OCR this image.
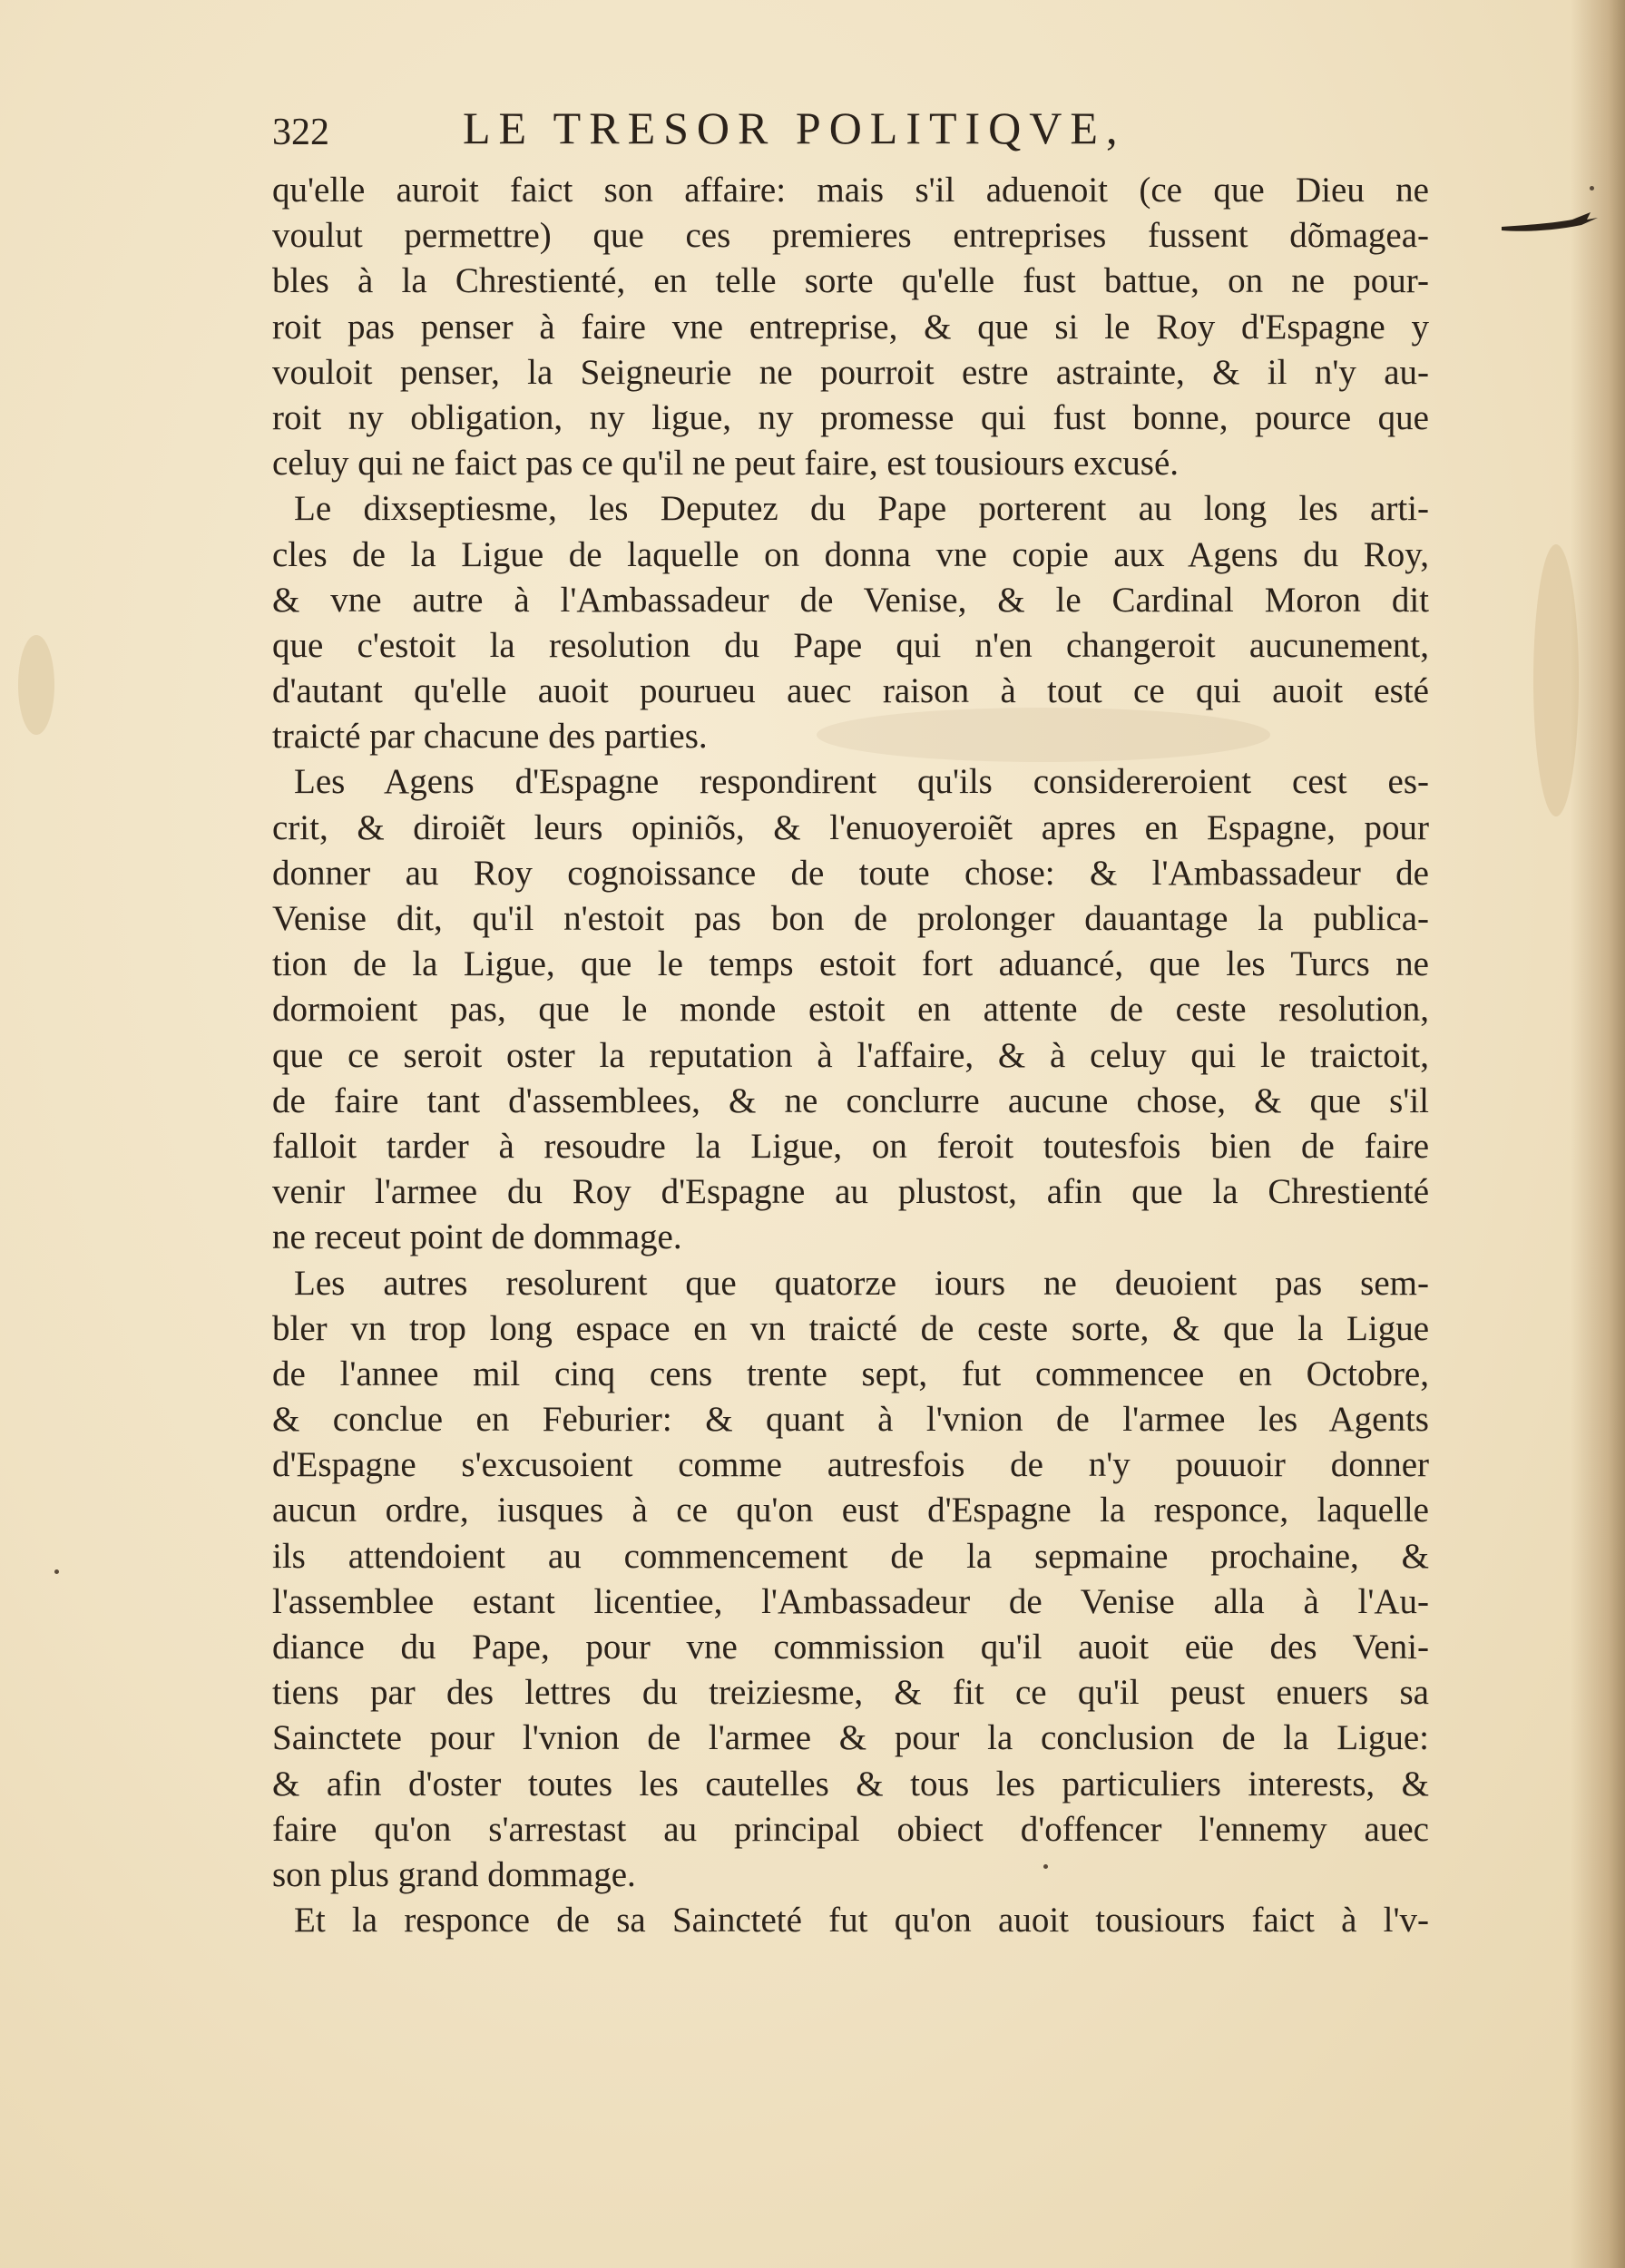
322	LE TRESOR POLITIQVE,
qu'elle auroit faict son affaire: mais s'il aduenoit (ce que Dieu ne
voulut permettre) que ces premieres entreprises fussent dõmagea-
bles à la Chrestienté, en telle sorte qu'elle fust battue, on ne pour-
roit pas penser à faire vne entreprise, & que si le Roy d'Espagne y
vouloit penser, la Seigneurie ne pourroit estre astrainte, & il n'y au-
roit ny obligation, ny ligue, ny promesse qui fust bonne, pource que
celuy qui ne faict pas ce qu'il ne peut faire, est tousiours excusé.
Le dixseptiesme, les Deputez du Pape porterent au long les arti-
cles de la Ligue de laquelle on donna vne copie aux Agens du Roy,
& vne autre à l'Ambassadeur de Venise, & le Cardinal Moron dit
que c'estoit la resolution du Pape qui n'en changeroit aucunement,
d'autant qu'elle auoit pourueu auec raison à tout ce qui auoit esté
traicté par chacune des parties.
Les Agens d'Espagne respondirent qu'ils considereroient cest es-
crit, & diroiẽt leurs opiniõs, & l'enuoyeroiẽt apres en Espagne, pour
donner au Roy cognoissance de toute chose: & l'Ambassadeur de
Venise dit, qu'il n'estoit pas bon de prolonger dauantage la publica-
tion de la Ligue, que le temps estoit fort aduancé, que les Turcs ne
dormoient pas, que le monde estoit en attente de ceste resolution,
que ce seroit oster la reputation à l'affaire, & à celuy qui le traictoit,
de faire tant d'assemblees, & ne conclurre aucune chose, & que s'il
falloit tarder à resoudre la Ligue, on feroit toutesfois bien de faire
venir l'armee du Roy d'Espagne au plustost, afin que la Chrestienté
ne receut point de dommage.
Les autres resolurent que quatorze iours ne deuoient pas sem-
bler vn trop long espace en vn traicté de ceste sorte, & que la Ligue
de l'annee mil cinq cens trente sept, fut commencee en Octobre,
& conclue en Feburier: & quant à l'vnion de l'armee les Agents
d'Espagne s'excusoient comme autresfois de n'y pouuoir donner
aucun ordre, iusques à ce qu'on eust d'Espagne la responce, laquelle
ils attendoient au commencement de la sepmaine prochaine, &
l'assemblee estant licentiee, l'Ambassadeur de Venise alla à l'Au-
diance du Pape, pour vne commission qu'il auoit eüe des Veni-
tiens par des lettres du treiziesme, & fit ce qu'il peust enuers sa
Sainctete pour l'vnion de l'armee & pour la conclusion de la Ligue:
& afin d'oster toutes les cautelles & tous les particuliers interests, &
faire qu'on s'arrestast au principal obiect d'offencer l'ennemy auec
son plus grand dommage.
Et la responce de sa Saincteté fut qu'on auoit tousiours faict à l'v-
